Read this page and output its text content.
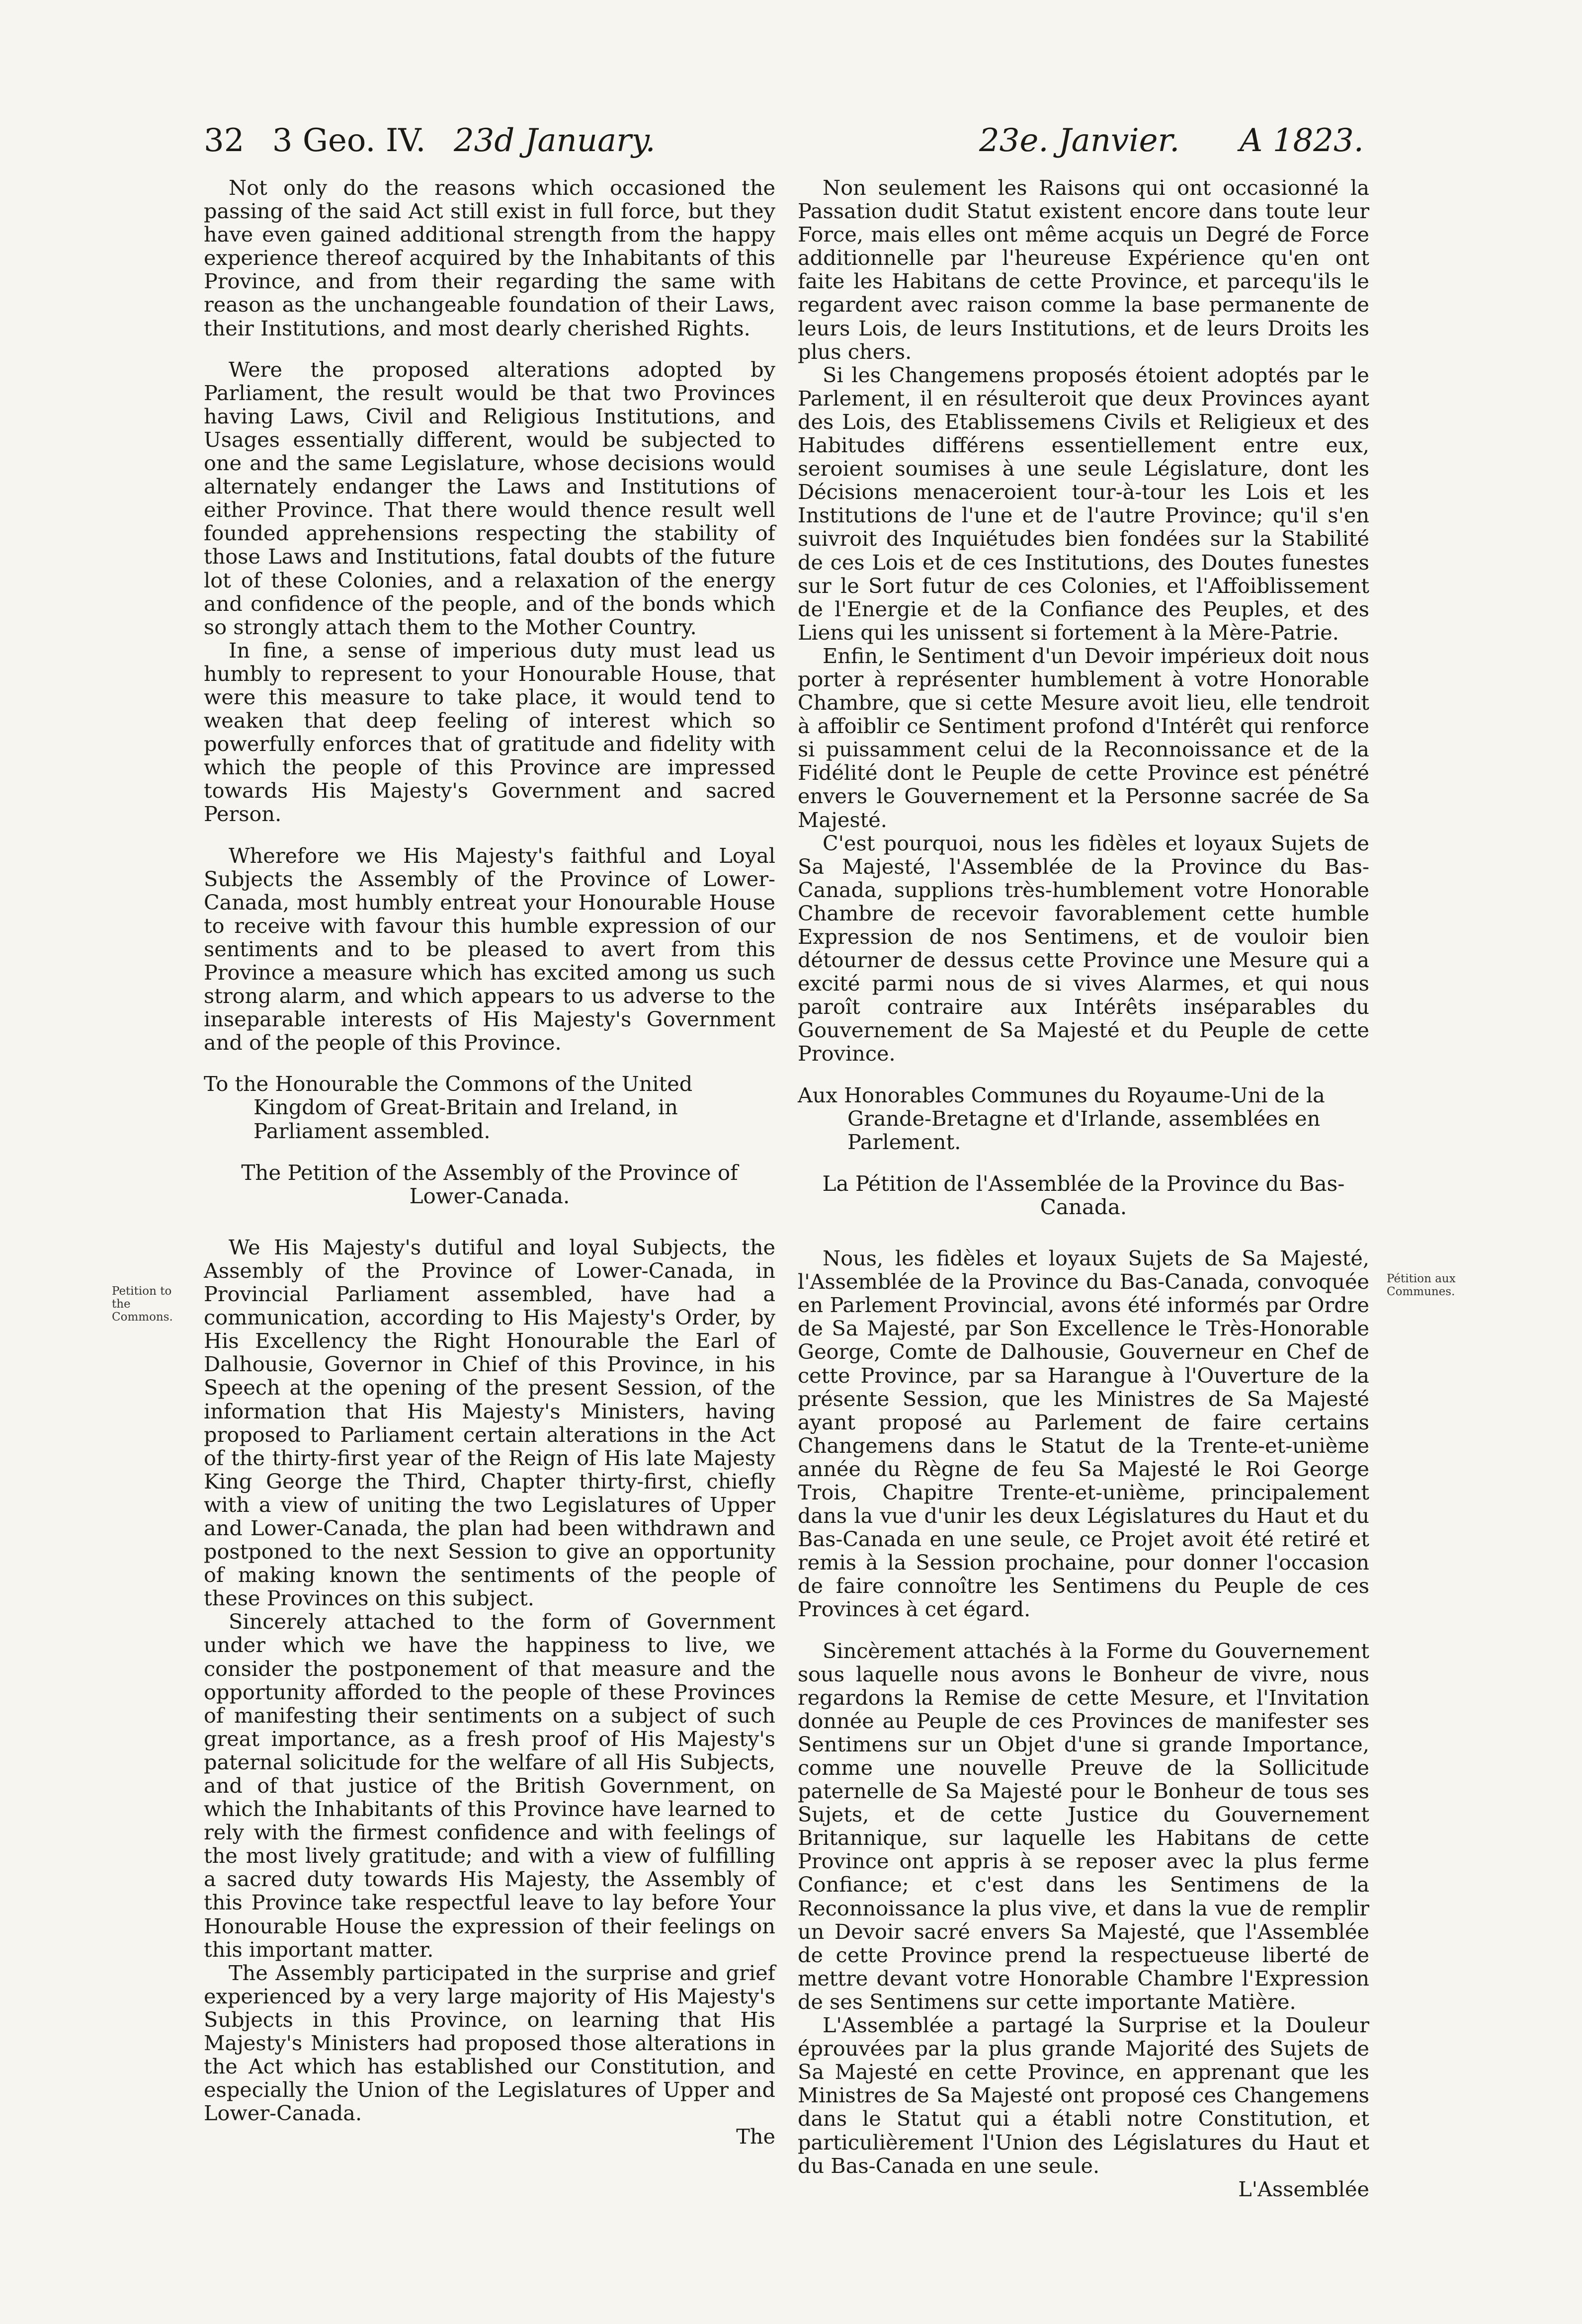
32 3 Geo. IV. 23d January.	23e. Janvier. A 1823.

Not only do the reasons which occasioned the passing of the said Act still exist in full force, but they have even gained additional strength from the happy experience thereof acquired by the Inhabitants of this Province, and from their regarding the same with reason as the unchangeable foundation of their Laws, their Institutions, and most dearly cherished Rights.

Were the proposed alterations adopted by Parliament, the result would be that two Provinces having Laws, Civil and Religious Institutions, and Usages essentially different, would be subjected to one and the same Legislature, whose decisions would alternately endanger the Laws and Institutions of either Province. That there would thence result well founded apprehensions respecting the stability of those Laws and Institutions, fatal doubts of the future lot of these Colonies, and a relaxation of the energy and confidence of the people, and of the bonds which so strongly attach them to the Mother Country.

In fine, a sense of imperious duty must lead us humbly to represent to your Honourable House, that were this measure to take place, it would tend to weaken that deep feeling of interest which so powerfully enforces that of gratitude and fidelity with which the people of this Province are impressed towards His Majesty's Government and sacred Person.

Wherefore we His Majesty's faithful and Loyal Subjects the Assembly of the Province of Lower-Canada, most humbly entreat your Honourable House to receive with favour this humble expression of our sentiments and to be pleased to avert from this Province a measure which has excited among us such strong alarm, and which appears to us adverse to the inseparable interests of His Majesty's Government and of the people of this Province.

To the Honourable the Commons of the United Kingdom of Great-Britain and Ireland, in Parliament assembled.

The Petition of the Assembly of the Province of Lower-Canada.

We His Majesty's dutiful and loyal Subjects, the Assembly of the Province of Lower-Canada, in Provincial Parliament assembled, have had a communication, according to His Majesty's Order, by His Excellency the Right Honourable the Earl of Dalhousie, Governor in Chief of this Province, in his Speech at the opening of the present Session, of the information that His Majesty's Ministers, having proposed to Parliament certain alterations in the Act of the thirty-first year of the Reign of His late Majesty King George the Third, Chapter thirty-first, chiefly with a view of uniting the two Legislatures of Upper and Lower-Canada, the plan had been withdrawn and postponed to the next Session to give an opportunity of making known the sentiments of the people of these Provinces on this subject.

Sincerely attached to the form of Government under which we have the happiness to live, we consider the postponement of that measure and the opportunity afforded to the people of these Provinces of manifesting their sentiments on a subject of such great importance, as a fresh proof of His Majesty's paternal solicitude for the welfare of all His Subjects, and of that justice of the British Government, on which the Inhabitants of this Province have learned to rely with the firmest confidence and with feelings of the most lively gratitude; and with a view of fulfilling a sacred duty towards His Majesty, the Assembly of this Province take respectful leave to lay before Your Honourable House the expression of their feelings on this important matter.

The Assembly participated in the surprise and grief experienced by a very large majority of His Majesty's Subjects in this Province, on learning that His Majesty's Ministers had proposed those alterations in the Act which has established our Constitution, and especially the Union of the Legislatures of Upper and Lower-Canada.

The

Non seulement les Raisons qui ont occasionné la Passation dudit Statut existent encore dans toute leur Force, mais elles ont même acquis un Degré de Force additionnelle par l'heureuse Expérience qu'en ont faite les Habitans de cette Province, et parcequ'ils le regardent avec raison comme la base permanente de leurs Lois, de leurs Institutions, et de leurs Droits les plus chers.

Si les Changemens proposés étoient adoptés par le Parlement, il en résulteroit que deux Provinces ayant des Lois, des Etablissemens Civils et Religieux et des Habitudes différens essentiellement entre eux, seroient soumises à une seule Législature, dont les Décisions menaceroient tour-à-tour les Lois et les Institutions de l'une et de l'autre Province; qu'il s'en suivroit des Inquiétudes bien fondées sur la Stabilité de ces Lois et de ces Institutions, des Doutes funestes sur le Sort futur de ces Colonies, et l'Affoiblissement de l'Energie et de la Confiance des Peuples, et des Liens qui les unissent si fortement à la Mère-Patrie.

Enfin, le Sentiment d'un Devoir impérieux doit nous porter à représenter humblement à votre Honorable Chambre, que si cette Mesure avoit lieu, elle tendroit à affoiblir ce Sentiment profond d'Intérêt qui renforce si puissamment celui de la Reconnoissance et de la Fidélité dont le Peuple de cette Province est pénétré envers le Gouvernement et la Personne sacrée de Sa Majesté.

C'est pourquoi, nous les fidèles et loyaux Sujets de Sa Majesté, l'Assemblée de la Province du Bas-Canada, supplions très-humblement votre Honorable Chambre de recevoir favorablement cette humble Expression de nos Sentimens, et de vouloir bien détourner de dessus cette Province une Mesure qui a excité parmi nous de si vives Alarmes, et qui nous paroît contraire aux Intérêts inséparables du Gouvernement de Sa Majesté et du Peuple de cette Province.

Aux Honorables Communes du Royaume-Uni de la Grande-Bretagne et d'Irlande, assemblées en Parlement.

La Pétition de l'Assemblée de la Province du Bas-Canada.

Nous, les fidèles et loyaux Sujets de Sa Majesté, l'Assemblée de la Province du Bas-Canada, convoquée en Parlement Provincial, avons été informés par Ordre de Sa Majesté, par Son Excellence le Très-Honorable George, Comte de Dalhousie, Gouverneur en Chef de cette Province, par sa Harangue à l'Ouverture de la présente Session, que les Ministres de Sa Majesté ayant proposé au Parlement de faire certains Changemens dans le Statut de la Trente-et-unième année du Règne de feu Sa Majesté le Roi George Trois, Chapitre Trente-et-unième, principalement dans la vue d'unir les deux Législatures du Haut et du Bas-Canada en une seule, ce Projet avoit été retiré et remis à la Session prochaine, pour donner l'occasion de faire connoître les Sentimens du Peuple de ces Provinces à cet égard.

Sincèrement attachés à la Forme du Gouvernement sous laquelle nous avons le Bonheur de vivre, nous regardons la Remise de cette Mesure, et l'Invitation donnée au Peuple de ces Provinces de manifester ses Sentimens sur un Objet d'une si grande Importance, comme une nouvelle Preuve de la Sollicitude paternelle de Sa Majesté pour le Bonheur de tous ses Sujets, et de cette Justice du Gouvernement Britannique, sur laquelle les Habitans de cette Province ont appris à se reposer avec la plus ferme Confiance; et c'est dans les Sentimens de la Reconnoissance la plus vive, et dans la vue de remplir un Devoir sacré envers Sa Majesté, que l'Assemblée de cette Province prend la respectueuse liberté de mettre devant votre Honorable Chambre l'Expression de ses Sentimens sur cette importante Matière.

L'Assemblée a partagé la Surprise et la Douleur éprouvées par la plus grande Majorité des Sujets de Sa Majesté en cette Province, en apprenant que les Ministres de Sa Majesté ont proposé ces Changemens dans le Statut qui a établi notre Constitution, et particulièrement l'Union des Législatures du Haut et du Bas-Canada en une seule.

L'Assemblée
Petition to the Commons.
Pétition aux Communes.
